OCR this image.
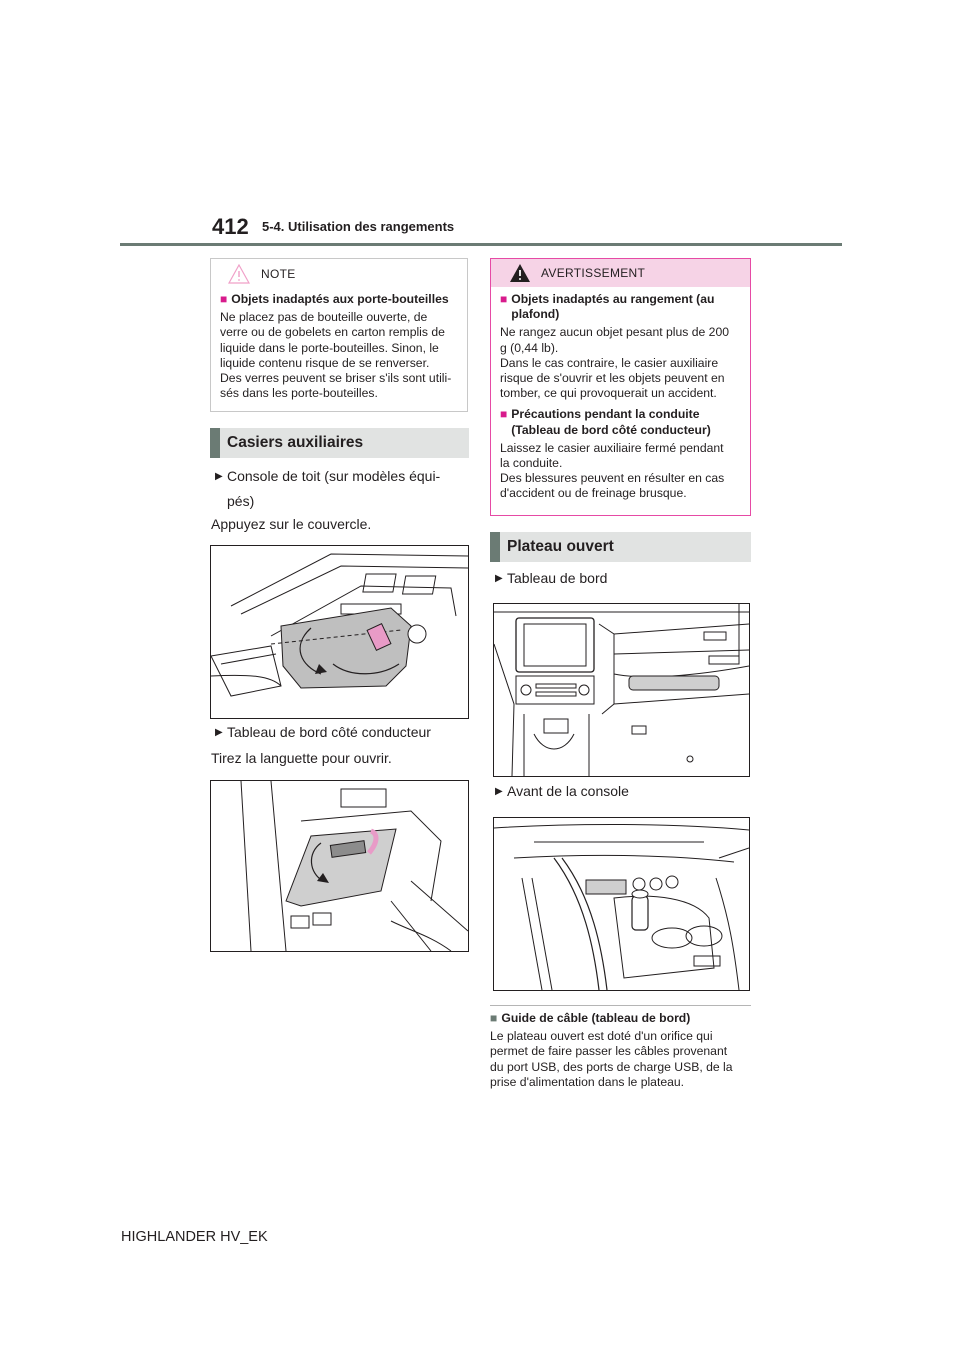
412 5-4. Utilisation des rangements
NOTE
■ Objets inadaptés aux porte-bouteilles

Ne placez pas de bouteille ouverte, de
verre ou de gobelets en carton remplis de
liquide dans le porte-bouteilles. Sinon, le
liquide contenu risque de se renverser.
Des verres peuvent se briser s'ils sont utili-
sés dans les porte-bouteilles.

Casiers auxiliaires
▶ Console de toit (sur modèles équi-
pés)
Appuyez sur le couvercle.
▶ Tableau de bord côté conducteur
Tirez la languette pour ouvrir.
AVERTISSEMENT
■ Objets inadaptés au rangement (au
plafond)

Ne rangez aucun objet pesant plus de 200
g (0,44 lb).
Dans le cas contraire, le casier auxiliaire
risque de s'ouvrir et les objets peuvent en
tomber, ce qui provoquerait un accident.

■ Précautions pendant la conduite
(Tableau de bord côté conducteur)

Laissez le casier auxiliaire fermé pendant
la conduite.
Des blessures peuvent en résulter en cas
d'accident ou de freinage brusque.

Plateau ouvert
▶ Tableau de bord
▶ Avant de la console
■ Guide de câble (tableau de bord)

Le plateau ouvert est doté d'un orifice qui
permet de faire passer les câbles provenant
du port USB, des ports de charge USB, de la
prise d'alimentation dans le plateau.

HIGHLANDER HV_EK
